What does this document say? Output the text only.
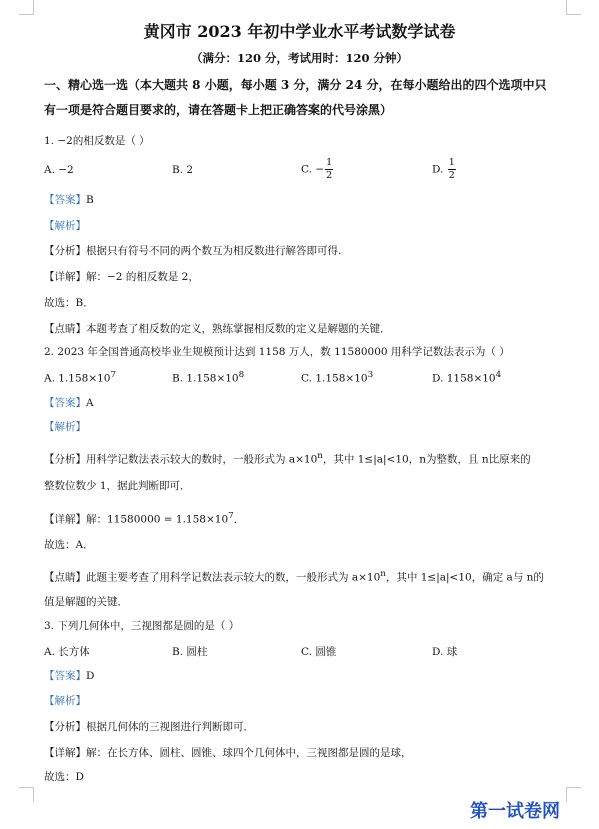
黄冈市 2023 年初中学业水平考试数学试卷
（满分：120 分，考试用时：120 分钟）
一、精心选一选（本大题共 8 小题，每小题 3 分，满分 24 分，在每小题给出的四个选项中只
有一项是符合题目要求的，请在答题卡上把正确答案的代号涂黑）
1. −2的相反数是（ ）
A. −2	B. 2	C. − $\frac{1}{2}$	D. $\frac{1}{2}$
【答案】B
【解析】
【分析】根据只有符号不同的两个数互为相反数进行解答即可得.
【详解】解：−2 的相反数是 2，
故选：B．
【点睛】本题考查了相反数的定义，熟练掌握相反数的定义是解题的关键．
2. 2023 年全国普通高校毕业生规模预计达到 1158 万人，数 11580000 用科学记数法表示为（ ）
A. $1.158\times 10^7$	B. $1.158\times 10^8$	C. $1.158\times 10^3$	D. $1158\times 10^4$
【答案】A
【解析】
【分析】用科学记数法表示较大的数时，一般形式为 $a\times 10^n$，其中 1≤|a|<10，n为整数，且 n比原来的
整数位数少 1，据此判断即可．
【详解】解：$11580000 = 1.158\times 10^7$．
故选：A．
【点睛】此题主要考查了用科学记数法表示较大的数，一般形式为 $a\times 10^n$，其中 1≤|a|<10，确定 a与 n的
值是解题的关键．
3. 下列几何体中，三视图都是圆的是（ ）
A. 长方体	B. 圆柱	C. 圆锥	D. 球
【答案】D
【解析】
【分析】根据几何体的三视图进行判断即可．
【详解】解：在长方体、圆柱、圆锥、球四个几何体中，三视图都是圆的是球，
故选：D
第一试卷网
